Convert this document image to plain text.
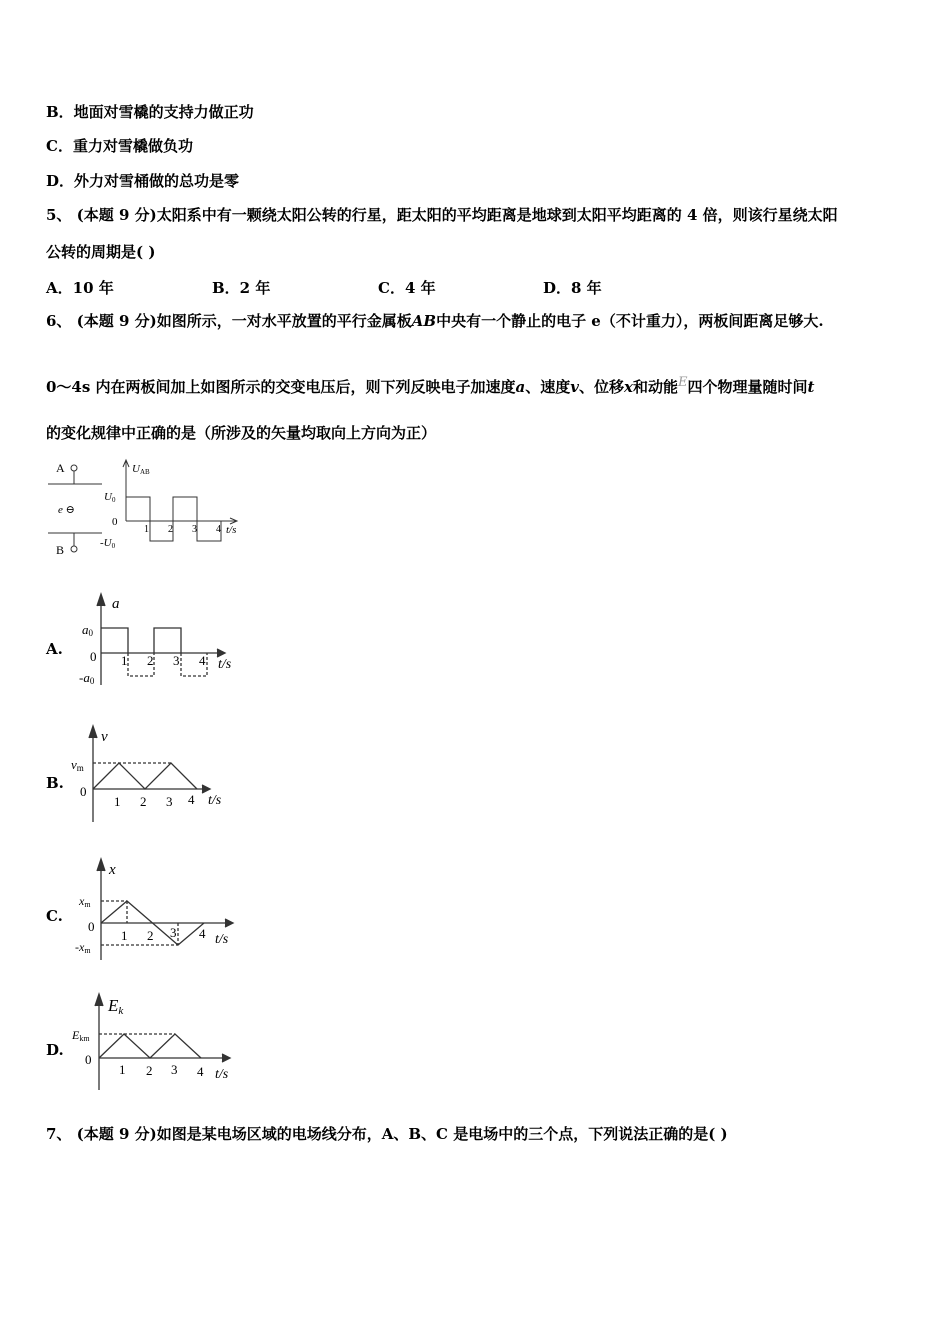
B．地面对雪橇的支持力做正功
C．重力对雪橇做负功
D．外力对雪桶做的总功是零
5、 (本题 9 分)太阳系中有一颗绕太阳公转的行星，距太阳的平均距离是地球到太阳平均距离的 4 倍，则该行星绕太阳
公转的周期是( )
A．10 年	B．2 年	C．4 年	D．8 年
6、 (本题 9 分)如图所示，一对水平放置的平行金属板AB中央有一个静止的电子 e（不计重力），两板间距离足够大.
0～4s 内在两板间加上如图所示的交变电压后，则下列反映电子加速度a、速度v、位移x和动能E四个物理量随时间t
的变化规律中正确的是（所涉及的矢量均取向上方向为正）
A
B
e ⊖
UAB
U0
-U0
0
1 2 3 4 t/s
A.
a
a0
0
-a0
1 2 3 4 t/s
B.
v
vm
0
1 2 3 4 t/s
C.
x
xm
0
-xm
1 2 3 4 t/s
D.
Ek
Ekm
0
1 2 3 4 t/s
7、 (本题 9 分)如图是某电场区域的电场线分布，A、B、C 是电场中的三个点，下列说法正确的是( )
